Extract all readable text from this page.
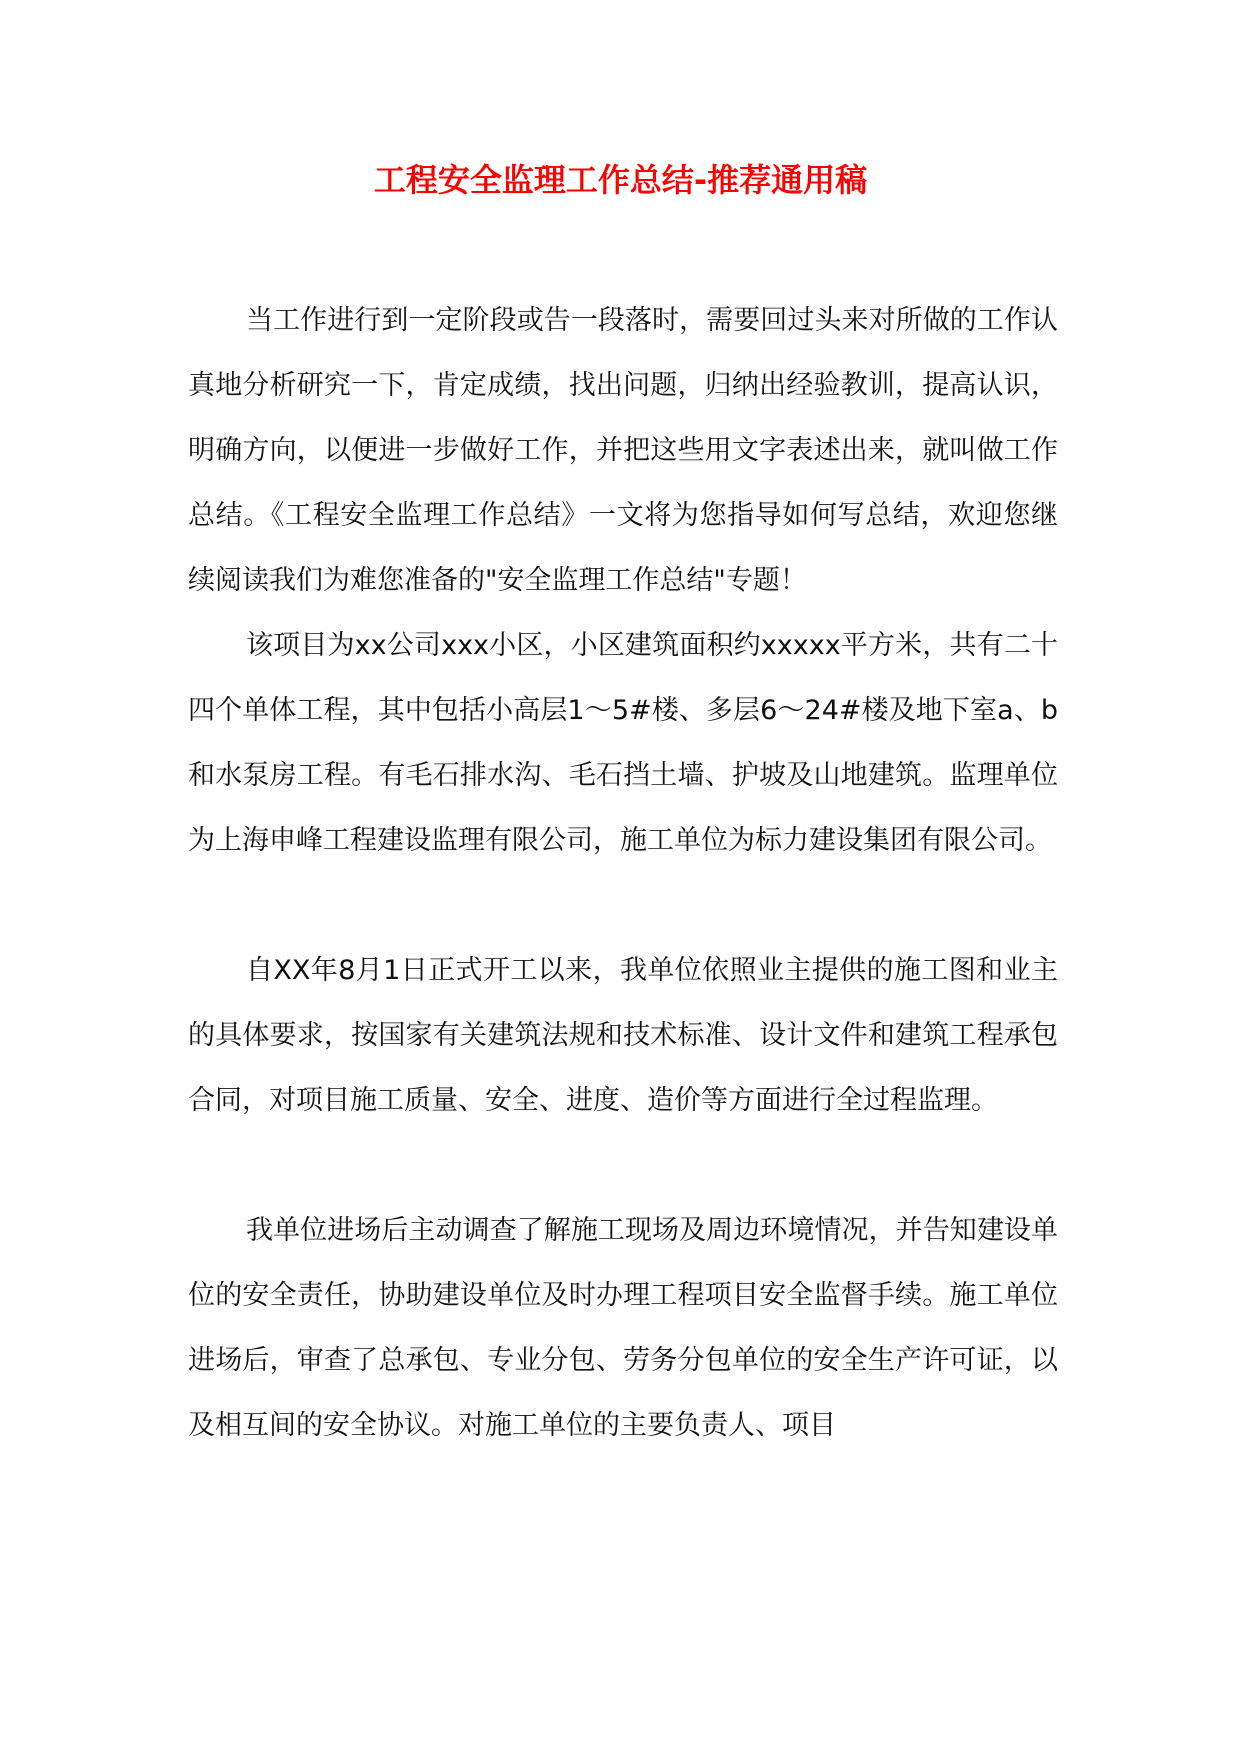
工程安全监理工作总结-推荐通用稿

当工作进行到一定阶段或告一段落时，需要回过头来对所做的工作认真地分析研究一下，肯定成绩，找出问题，归纳出经验教训，提高认识，明确方向，以便进一步做好工作，并把这些用文字表述出来，就叫做工作总结。《工程安全监理工作总结》一文将为您指导如何写总结，欢迎您继续阅读我们为难您准备的"安全监理工作总结"专题！

该项目为xx公司xxx小区，小区建筑面积约xxxxx平方米，共有二十四个单体工程，其中包括小高层1～5#楼、多层6～24#楼及地下室a、b和水泵房工程。有毛石排水沟、毛石挡土墙、护坡及山地建筑。监理单位为上海申峰工程建设监理有限公司，施工单位为标力建设集团有限公司。

自XX年8月1日正式开工以来，我单位依照业主提供的施工图和业主的具体要求，按国家有关建筑法规和技术标准、设计文件和建筑工程承包合同，对项目施工质量、安全、进度、造价等方面进行全过程监理。

我单位进场后主动调查了解施工现场及周边环境情况，并告知建设单位的安全责任，协助建设单位及时办理工程项目安全监督手续。施工单位进场后，审查了总承包、专业分包、劳务分包单位的安全生产许可证，以及相互间的安全协议。对施工单位的主要负责人、项目
